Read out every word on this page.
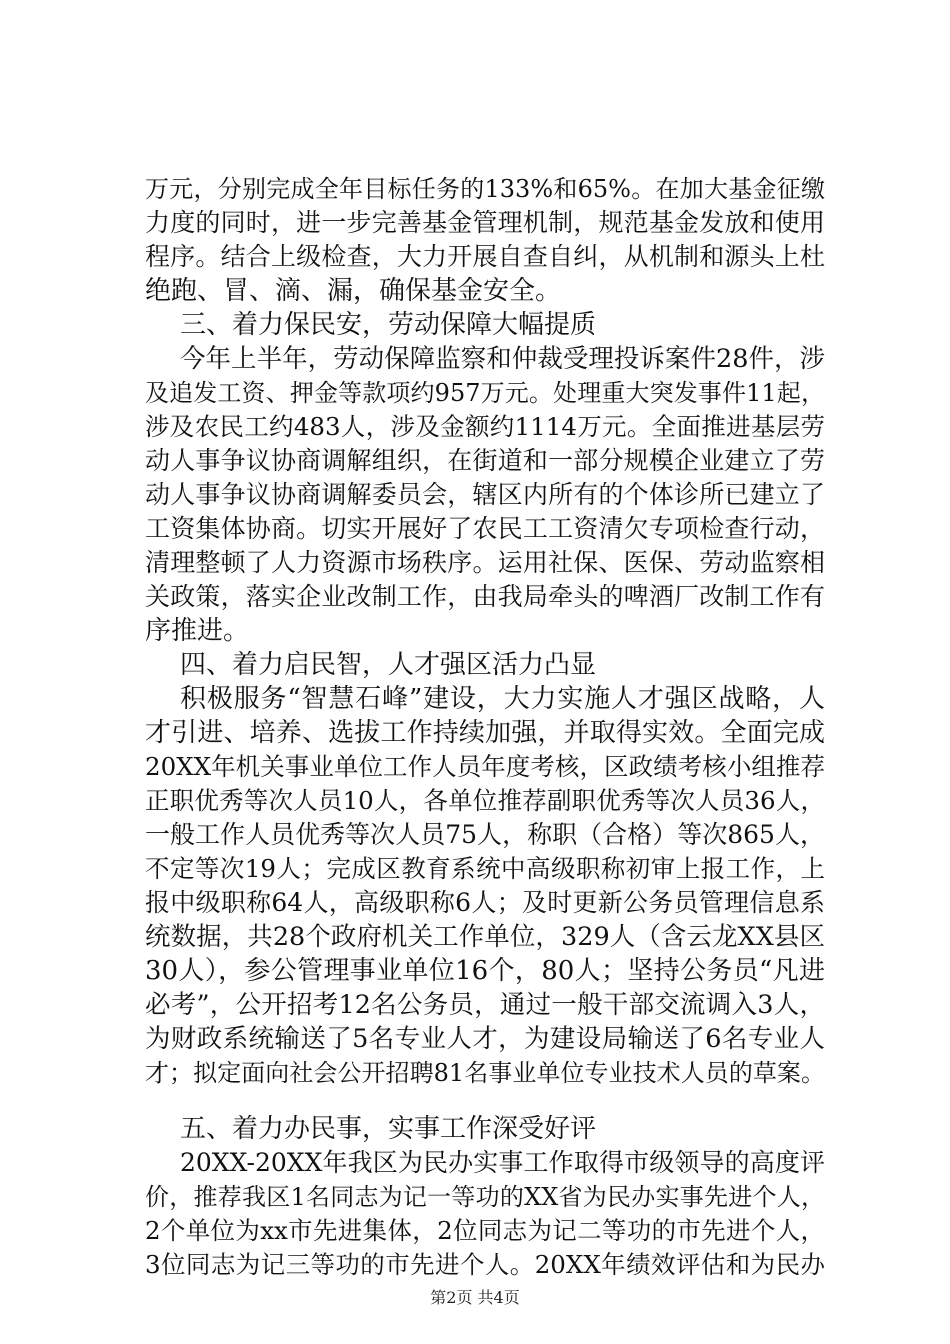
万元，分别完成全年目标任务的133%和65%。在加大基金征缴
力度的同时，进一步完善基金管理机制，规范基金发放和使用
程序。结合上级检查，大力开展自查自纠，从机制和源头上杜
绝跑、冒、滴、漏，确保基金安全。
三、着力保民安，劳动保障大幅提质
今年上半年，劳动保障监察和仲裁受理投诉案件28件，涉
及追发工资、押金等款项约957万元。处理重大突发事件11起，
涉及农民工约483人，涉及金额约1114万元。全面推进基层劳
动人事争议协商调解组织，在街道和一部分规模企业建立了劳
动人事争议协商调解委员会，辖区内所有的个体诊所已建立了
工资集体协商。切实开展好了农民工工资清欠专项检查行动，
清理整顿了人力资源市场秩序。运用社保、医保、劳动监察相
关政策，落实企业改制工作，由我局牵头的啤酒厂改制工作有
序推进。
四、着力启民智，人才强区活力凸显
积极服务“智慧石峰”建设，大力实施人才强区战略，人
才引进、培养、选拔工作持续加强，并取得实效。全面完成
20XX年机关事业单位工作人员年度考核，区政绩考核小组推荐
正职优秀等次人员10人，各单位推荐副职优秀等次人员36人，
一般工作人员优秀等次人员75人，称职（合格）等次865人，
不定等次19人；完成区教育系统中高级职称初审上报工作，上
报中级职称64人，高级职称6人；及时更新公务员管理信息系
统数据，共28个政府机关工作单位，329人（含云龙XX县区
30人），参公管理事业单位16个，80人；坚持公务员“凡进
必考”，公开招考12名公务员，通过一般干部交流调入3人，
为财政系统输送了5名专业人才，为建设局输送了6名专业人
才；拟定面向社会公开招聘81名事业单位专业技术人员的草案。
五、着力办民事，实事工作深受好评
20XX-20XX年我区为民办实事工作取得市级领导的高度评
价，推荐我区1名同志为记一等功的XX省为民办实事先进个人，
2个单位为xx市先进集体，2位同志为记二等功的市先进个人，
3位同志为记三等功的市先进个人。20XX年绩效评估和为民办
第2页 共4页
